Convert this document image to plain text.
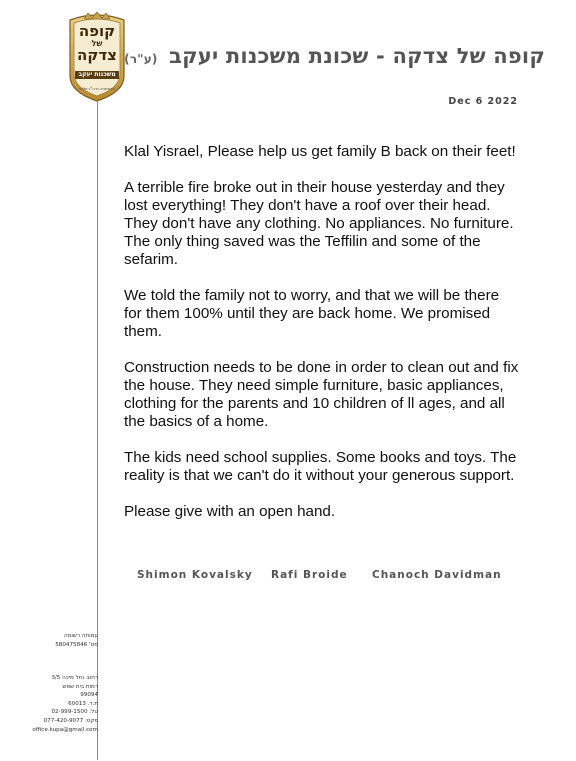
קופה
של
צדקה
משכנות יעקב
בראשות הרה"ג פלוני
קופה של צדקה - שכונת משכנות יעקב (ע"ר)
Dec 6 2022

Klal Yisrael, Please help us get family B back on their feet!

A terrible fire broke out in their house yesterday and they lost everything! They don't have a roof over their head. They don't have any clothing. No appliances. No furniture. The only thing saved was the Teffilin and some of the sefarim.

We told the family not to worry, and that we will be there for them 100% until they are back home. We promised them.

Construction needs to be done in order to clean out and fix the house. They need simple furniture, basic appliances, clothing for the parents and 10 children of ll ages, and all the basics of a home.

The kids need school supplies. Some books and toys. The reality is that we can't do it without your generous support.

Please give with an open hand.

Shimon Kovalsky Rafi Broide Chanoch Davidman
עמותה רשומה
מס' 580475846
רחוב נחל מיכה 3/5
רמות בית שמש
99094
ת.ד. 60013
טל: 02-999-1500
פקס: 077-420-9077
office.kupa@gmail.com
